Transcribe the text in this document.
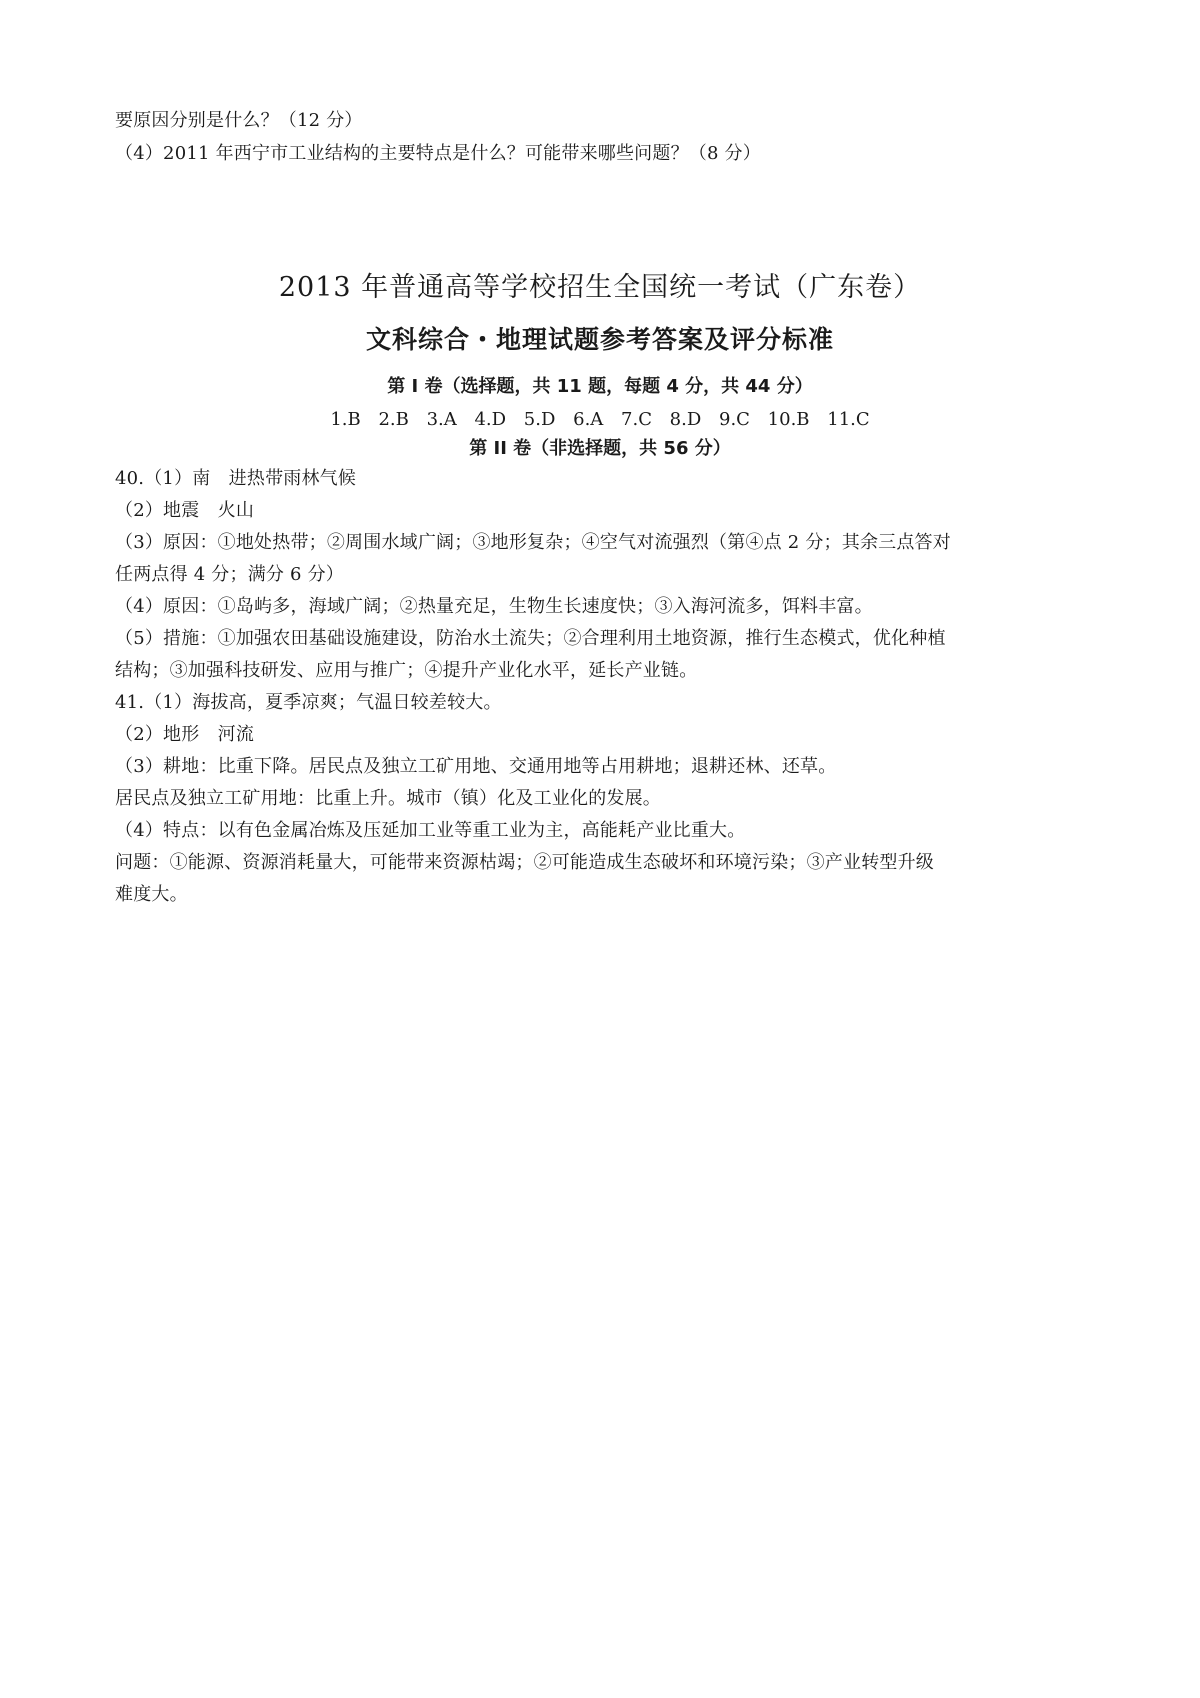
要原因分别是什么？（12 分）
（4）2011 年西宁市工业结构的主要特点是什么？可能带来哪些问题？（8 分）
2013 年普通高等学校招生全国统一考试（广东卷）
文科综合・地理试题参考答案及评分标准
第 I 卷（选择题，共 11 题，每题 4 分，共 44 分）
1.B 2.B 3.A 4.D 5.D 6.A 7.C 8.D 9.C 10.B 11.C
第 II 卷（非选择题，共 56 分）
40.（1）南　进热带雨林气候
（2）地震　火山
（3）原因：①地处热带；②周围水域广阔；③地形复杂；④空气对流强烈（第④点 2 分；其余三点答对
任两点得 4 分；满分 6 分）
（4）原因：①岛屿多，海域广阔；②热量充足，生物生长速度快；③入海河流多，饵料丰富。
（5）措施：①加强农田基础设施建设，防治水土流失；②合理利用土地资源，推行生态模式，优化种植
结构；③加强科技研发、应用与推广；④提升产业化水平，延长产业链。
41.（1）海拔高，夏季凉爽；气温日较差较大。
（2）地形　河流
（3）耕地：比重下降。居民点及独立工矿用地、交通用地等占用耕地；退耕还林、还草。
居民点及独立工矿用地：比重上升。城市（镇）化及工业化的发展。
（4）特点：以有色金属冶炼及压延加工业等重工业为主，高能耗产业比重大。
问题：①能源、资源消耗量大，可能带来资源枯竭；②可能造成生态破坏和环境污染；③产业转型升级
难度大。
